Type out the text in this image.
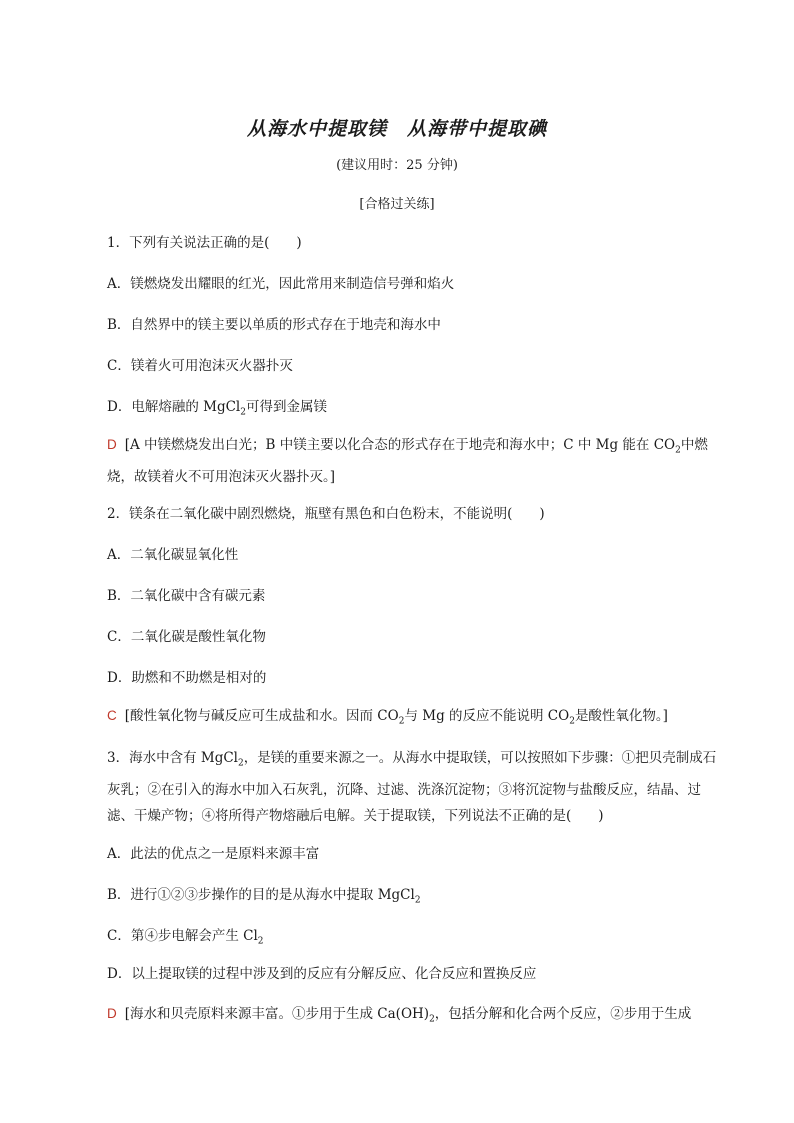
从海水中提取镁　从海带中提取碘
(建议用时：25 分钟)
[合格过关练]
1．下列有关说法正确的是(　　)
A．镁燃烧发出耀眼的红光，因此常用来制造信号弹和焰火
B．自然界中的镁主要以单质的形式存在于地壳和海水中
C．镁着火可用泡沫灭火器扑灭
D．电解熔融的 MgCl$_2$可得到金属镁
D [A 中镁燃烧发出白光；B 中镁主要以化合态的形式存在于地壳和海水中；C 中 Mg 能在 $CO_2$中燃烧，故镁着火不可用泡沫灭火器扑灭。]
2．镁条在二氧化碳中剧烈燃烧，瓶壁有黑色和白色粉末，不能说明(　　)
A．二氧化碳显氧化性
B．二氧化碳中含有碳元素
C．二氧化碳是酸性氧化物
D．助燃和不助燃是相对的
C [酸性氧化物与碱反应可生成盐和水。因而 $CO_2$与 Mg 的反应不能说明 $CO_2$是酸性氧化物。]
3．海水中含有 MgCl$_2$，是镁的重要来源之一。从海水中提取镁，可以按照如下步骤：①把贝壳制成石灰乳；②在引入的海水中加入石灰乳，沉降、过滤、洗涤沉淀物；③将沉淀物与盐酸反应，结晶、过滤、干燥产物；④将所得产物熔融后电解。关于提取镁，下列说法不正确的是(　　)
A．此法的优点之一是原料来源丰富
B．进行①②③步操作的目的是从海水中提取 MgCl$_2$
C．第④步电解会产生 $Cl_2$
D．以上提取镁的过程中涉及到的反应有分解反应、化合反应和置换反应
D [海水和贝壳原料来源丰富。①步用于生成 $Ca(OH)_2$，包括分解和化合两个反应，②步用于生成
